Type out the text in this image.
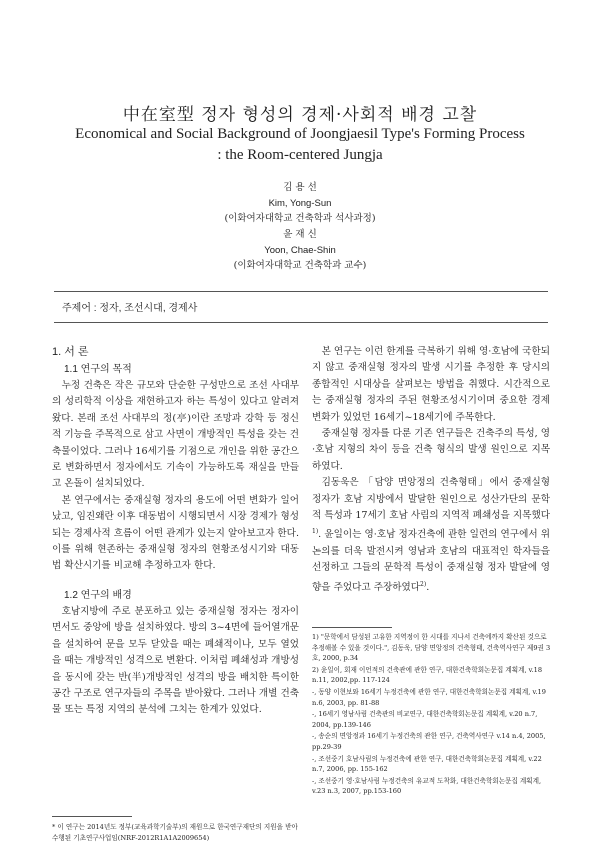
中在室型 정자 형성의 경제·사회적 배경 고찰
Economical and Social Background of Joongjaesil Type's Forming Process
: the Room-centered Jungja
김 용 선
Kim, Yong-Sun
(이화여자대학교 건축학과 석사과정)
윤 재 신
Yoon, Chae-Shin
(이화여자대학교 건축학과 교수)
주제어 : 정자, 조선시대, 경제사
1. 서 론
1.1 연구의 목적

누정 건축은 작은 규모와 단순한 구성만으로 조선 사대부의 성리학적 이상을 재현하고자 하는 특성이 있다고 알려져 왔다. 본래 조선 사대부의 정(亭)이란 조망과 강학 등 정신적 기능을 주목적으로 삼고 사면이 개방적인 특성을 갖는 건축물이었다. 그러나 16세기를 기점으로 개인을 위한 공간으로 변화하면서 정자에서도 기속이 가능하도록 재실을 만들고 온돌이 설치되었다.

본 연구에서는 중재실형 정자의 용도에 어떤 변화가 일어났고, 임진왜란 이후 대동법이 시행되면서 시장 경제가 형성되는 경제사적 흐름이 어떤 관계가 있는지 알아보고자 한다. 이를 위해 현존하는 중재실형 정자의 현황조성시기와 대동법 확산시기를 비교해 추정하고자 한다.

1.2 연구의 배경

호남지방에 주로 분포하고 있는 중재실형 정자는 정자이면서도 중앙에 방을 설치하였다. 방의 3~4면에 들어열개문을 설치하여 문을 모두 닫았을 때는 폐쇄적이나, 모두 열었을 때는 개방적인 성격으로 변환다. 이처럼 폐쇄성과 개방성을 동시에 갖는 반(半)개방적인 성격의 방을 배치한 특이한 공간 구조로 연구자들의 주목을 받아왔다. 그러나 개별 건축물 또는 특정 지역의 분석에 그치는 한계가 있었다.

본 연구는 이런 한계를 극복하기 위해 영·호남에 국한되지 않고 중재실형 정자의 발생 시기를 추정한 후 당시의 종합적인 시대상을 살펴보는 방법을 취했다. 시간적으로는 중재실형 정자의 주된 현황조성시기이며 중요한 경제 변화가 있었던 16세기~18세기에 주목한다.

중재실형 정자를 다룬 기존 연구들은 건축주의 특성, 영·호남 지형의 차이 등을 건축 형식의 발생 원인으로 지목하였다.

김동욱은 「담양 면앙정의 건축형태」에서 중재실형 정자가 호남 지방에서 발달한 원인으로 성산가단의 문학적 특성과 17세기 호남 사림의 지역적 폐쇄성을 지목했다$^{1)}$. 윤일이는 영·호남 정자건축에 관한 일련의 연구에서 위 논의를 더욱 발전시켜 영남과 호남의 대표적인 학자들을 선정하고 그들의 문학적 특성이 중재실형 정자 발달에 영향을 주었다고 주장하였다$^{2)}$.

1) "문학에서 담성된 고유한 지역정이 한 시대를 지나서 건축에까지 확산된 것으로 추정해볼 수 있을 것이다.", 김동욱, 담양 면앙정의 건축형태, 건축역사연구 제9권 3호, 2000, p.34
2) 윤일이, 회재 이언적의 건축관에 관한 연구, 대한건축학회논문집 계획계, v.18 n.11, 2002,pp. 117-124
-, 동양 이현보와 16세기 누정건축에 관한 연구, 대한건축학회논문집 계획계, v.19 n.6, 2003, pp. 81-88
-, 16세기 영남사림 건축관의 비교연구, 대한건축학회논문집 계획계, v.20 n.7, 2004, pp.139-146
-, 송순의 면앙정과 16세기 누정건축의 관한 연구, 건축역사연구 v.14 n.4, 2005, pp.29-39
-, 조선중기 호남사림의 누정건축에 관한 연구, 대한건축학회논문집 계획계, v.22 n.7, 2006, pp. 155-162
-, 조선중기 영·호남사림 누정건축의 유교적 도착화, 대한건축학회논문집 계획계, v.23 n.3, 2007, pp.153-160
* 이 연구는 2014년도 정부(교육과학기술부)의 재원으로 한국연구재단의 지원을 받아 수행된 기초연구사업임(NRF-2012R1A1A2009654)
